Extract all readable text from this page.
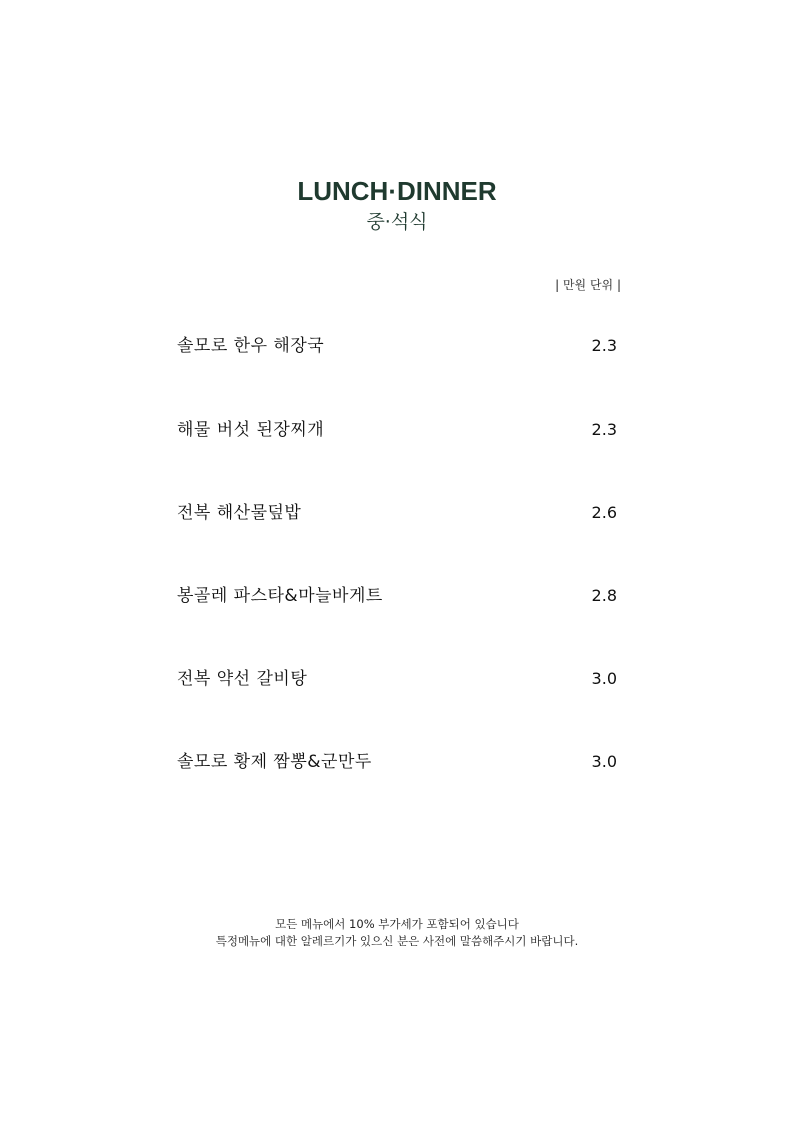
LUNCH·DINNER
중·석식
| 만원 단위 |
솔모로 한우 해장국	2.3
해물 버섯 된장찌개	2.3
전복 해산물덮밥	2.6
봉골레 파스타&마늘바게트	2.8
전복 약선 갈비탕	3.0
솔모로 황제 짬뽕&군만두	3.0
모든 메뉴에서 10% 부가세가 포함되어 있습니다
특정메뉴에 대한 알레르기가 있으신 분은 사전에 말씀해주시기 바랍니다.
